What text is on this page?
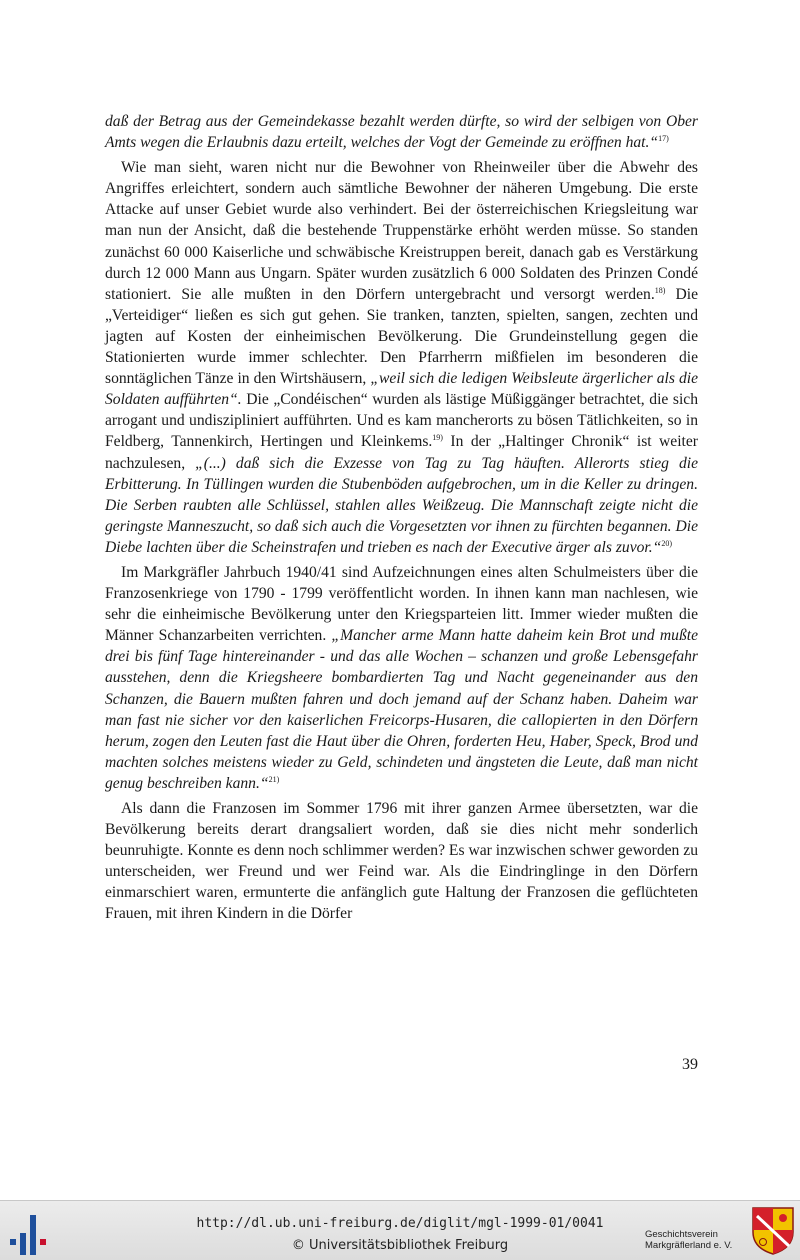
daß der Betrag aus der Gemeindekasse bezahlt werden dürfte, so wird der selbigen von Ober Amts wegen die Erlaubnis dazu erteilt, welches der Vogt der Gemeinde zu eröffnen hat.“$^{17)}$

Wie man sieht, waren nicht nur die Bewohner von Rheinweiler über die Abwehr des Angriffes erleichtert, sondern auch sämtliche Bewohner der näheren Umgebung. Die erste Attacke auf unser Gebiet wurde also verhindert. Bei der österreichischen Kriegsleitung war man nun der Ansicht, daß die bestehende Truppenstärke erhöht werden müsse. So standen zunächst 60 000 Kaiserliche und schwäbische Kreistruppen bereit, danach gab es Verstärkung durch 12 000 Mann aus Ungarn. Später wurden zusätzlich 6 000 Soldaten des Prinzen Condé stationiert. Sie alle mußten in den Dörfern untergebracht und versorgt werden.$^{18)}$ Die „Verteidiger“ ließen es sich gut gehen. Sie tranken, tanzten, spielten, sangen, zechten und jagten auf Kosten der einheimischen Bevölkerung. Die Grundeinstellung gegen die Stationierten wurde immer schlechter. Den Pfarrherrn mißfielen im besonderen die sonntäglichen Tänze in den Wirtshäusern, „weil sich die ledigen Weibsleute ärgerlicher als die Soldaten aufführten“. Die „Condéischen“ wurden als lästige Müßiggänger betrachtet, die sich arrogant und undiszipliniert aufführten. Und es kam mancherorts zu bösen Tätlichkeiten, so in Feldberg, Tannenkirch, Hertingen und Kleinkems.$^{19)}$ In der „Haltinger Chronik“ ist weiter nachzulesen, „(...) daß sich die Exzesse von Tag zu Tag häuften. Allerorts stieg die Erbitterung. In Tüllingen wurden die Stubenböden aufgebrochen, um in die Keller zu dringen. Die Serben raubten alle Schlüssel, stahlen alles Weißzeug. Die Mannschaft zeigte nicht die geringste Manneszucht, so daß sich auch die Vorgesetzten vor ihnen zu fürchten begannen. Die Diebe lachten über die Scheinstrafen und trieben es nach der Executive ärger als zuvor.“$^{20)}$

Im Markgräfler Jahrbuch 1940/41 sind Aufzeichnungen eines alten Schulmeisters über die Franzosenkriege von 1790 - 1799 veröffentlicht worden. In ihnen kann man nachlesen, wie sehr die einheimische Bevölkerung unter den Kriegsparteien litt. Immer wieder mußten die Männer Schanzarbeiten verrichten. „Mancher arme Mann hatte daheim kein Brot und mußte drei bis fünf Tage hintereinander - und das alle Wochen – schanzen und große Lebensgefahr ausstehen, denn die Kriegsheere bombardierten Tag und Nacht gegeneinander aus den Schanzen, die Bauern mußten fahren und doch jemand auf der Schanz haben. Daheim war man fast nie sicher vor den kaiserlichen Freicorps-Husaren, die callopierten in den Dörfern herum, zogen den Leuten fast die Haut über die Ohren, forderten Heu, Haber, Speck, Brod und machten solches meistens wieder zu Geld, schindeten und ängsteten die Leute, daß man nicht genug beschreiben kann.“$^{21)}$

Als dann die Franzosen im Sommer 1796 mit ihrer ganzen Armee übersetzten, war die Bevölkerung bereits derart drangsaliert worden, daß sie dies nicht mehr sonderlich beunruhigte. Konnte es denn noch schlimmer werden? Es war inzwischen schwer geworden zu unterscheiden, wer Freund und wer Feind war. Als die Eindringlinge in den Dörfern einmarschiert waren, ermunterte die anfänglich gute Haltung der Franzosen die geflüchteten Frauen, mit ihren Kindern in die Dörfer

39
http://dl.ub.uni-freiburg.de/diglit/mgl-1999-01/0041
© Universitätsbibliothek Freiburg
Geschichtsverein
Markgräflerland e. V.
